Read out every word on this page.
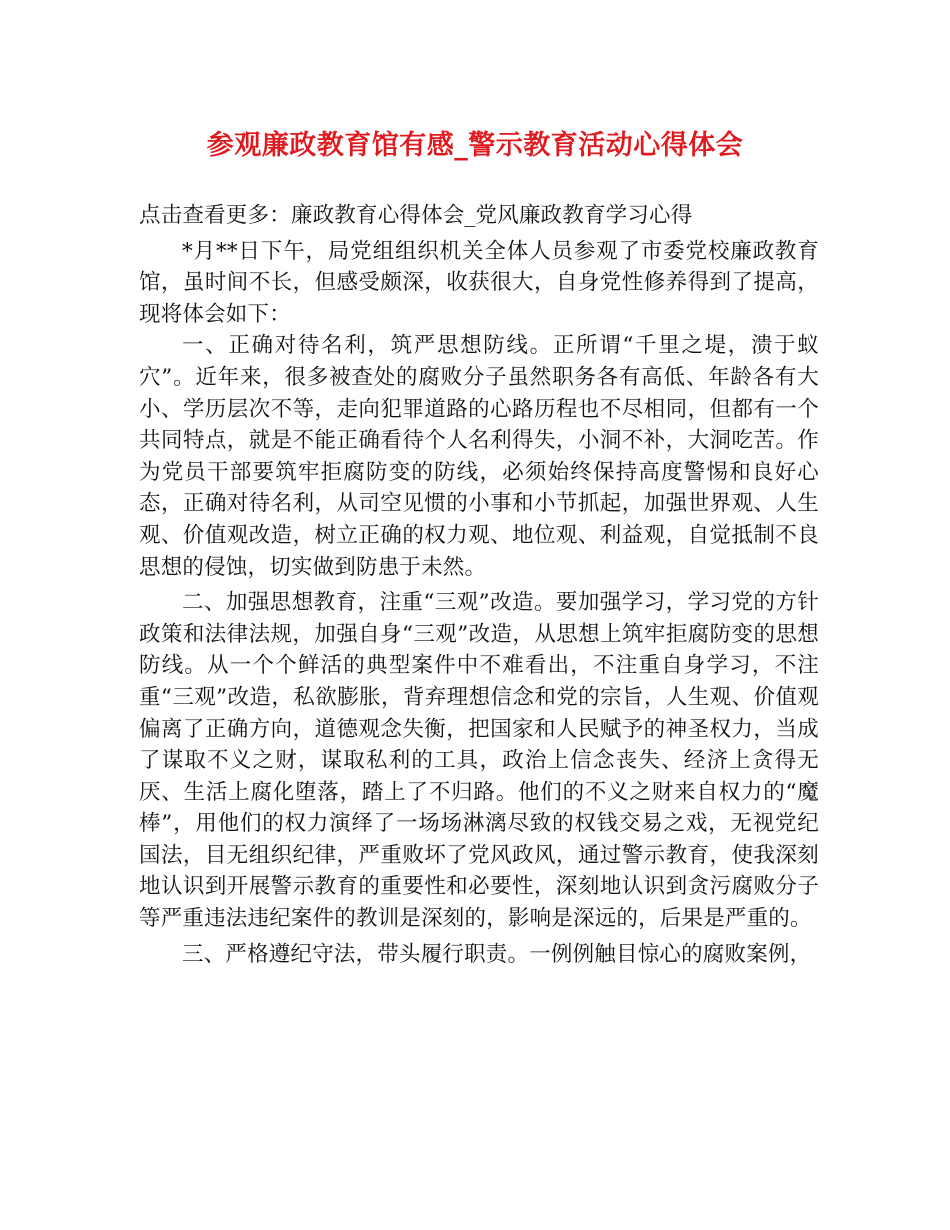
参观廉政教育馆有感_警示教育活动心得体会

点击查看更多：廉政教育心得体会_党风廉政教育学习心得

*月**日下午，局党组组织机关全体人员参观了市委党校廉政教育馆，虽时间不长，但感受颇深，收获很大，自身党性修养得到了提高，现将体会如下：

一、正确对待名利，筑严思想防线。正所谓“千里之堤，溃于蚁穴”。近年来，很多被查处的腐败分子虽然职务各有高低、年龄各有大小、学历层次不等，走向犯罪道路的心路历程也不尽相同，但都有一个共同特点，就是不能正确看待个人名利得失，小洞不补，大洞吃苦。作为党员干部要筑牢拒腐防变的防线，必须始终保持高度警惕和良好心态，正确对待名利，从司空见惯的小事和小节抓起，加强世界观、人生观、价值观改造，树立正确的权力观、地位观、利益观，自觉抵制不良思想的侵蚀，切实做到防患于未然。

二、加强思想教育，注重“三观”改造。要加强学习，学习党的方针政策和法律法规，加强自身“三观”改造，从思想上筑牢拒腐防变的思想防线。从一个个鲜活的典型案件中不难看出，不注重自身学习，不注重“三观”改造，私欲膨胀，背弃理想信念和党的宗旨，人生观、价值观偏离了正确方向，道德观念失衡，把国家和人民赋予的神圣权力，当成了谋取不义之财，谋取私利的工具，政治上信念丧失、经济上贪得无厌、生活上腐化堕落，踏上了不归路。他们的不义之财来自权力的“魔棒”，用他们的权力演绎了一场场淋漓尽致的权钱交易之戏，无视党纪国法，目无组织纪律，严重败坏了党风政风，通过警示教育，使我深刻地认识到开展警示教育的重要性和必要性，深刻地认识到贪污腐败分子等严重违法违纪案件的教训是深刻的，影响是深远的，后果是严重的。

三、严格遵纪守法，带头履行职责。一例例触目惊心的腐败案例，
